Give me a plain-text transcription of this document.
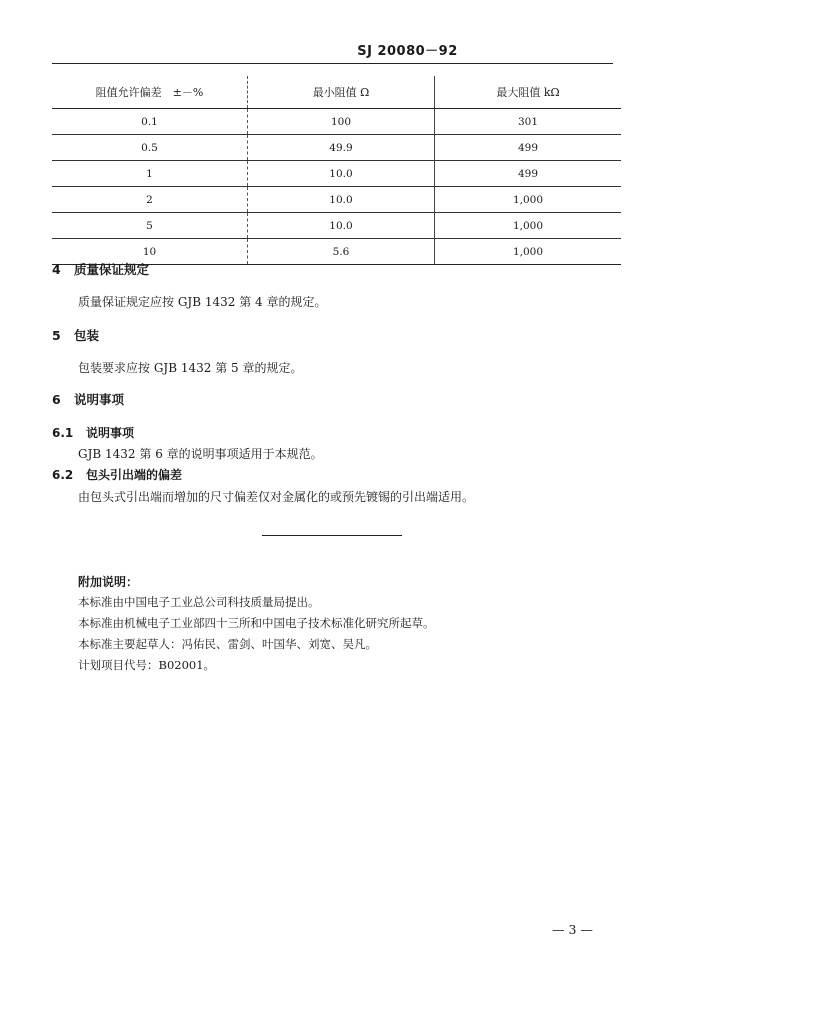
SJ 20080－92
阻值允许偏差　±－%	最小阻值 Ω	最大阻值 kΩ
0.1	100	301
0.5	49.9	499
1	10.0	499
2	10.0	1,000
5	10.0	1,000
10	5.6	1,000
4 质量保证规定
质量保证规定应按 GJB 1432 第 4 章的规定。
5 包装
包装要求应按 GJB 1432 第 5 章的规定。
6 说明事项
6.1 说明事项
GJB 1432 第 6 章的说明事项适用于本规范。
6.2 包头引出端的偏差
由包头式引出端而增加的尺寸偏差仅对金属化的或预先镀锡的引出端适用。
附加说明：
本标准由中国电子工业总公司科技质量局提出。
本标准由机械电子工业部四十三所和中国电子技术标准化研究所起草。
本标准主要起草人：冯佑民、雷剑、叶国华、刘宽、吴凡。
计划项目代号：B02001。
— 3 —
